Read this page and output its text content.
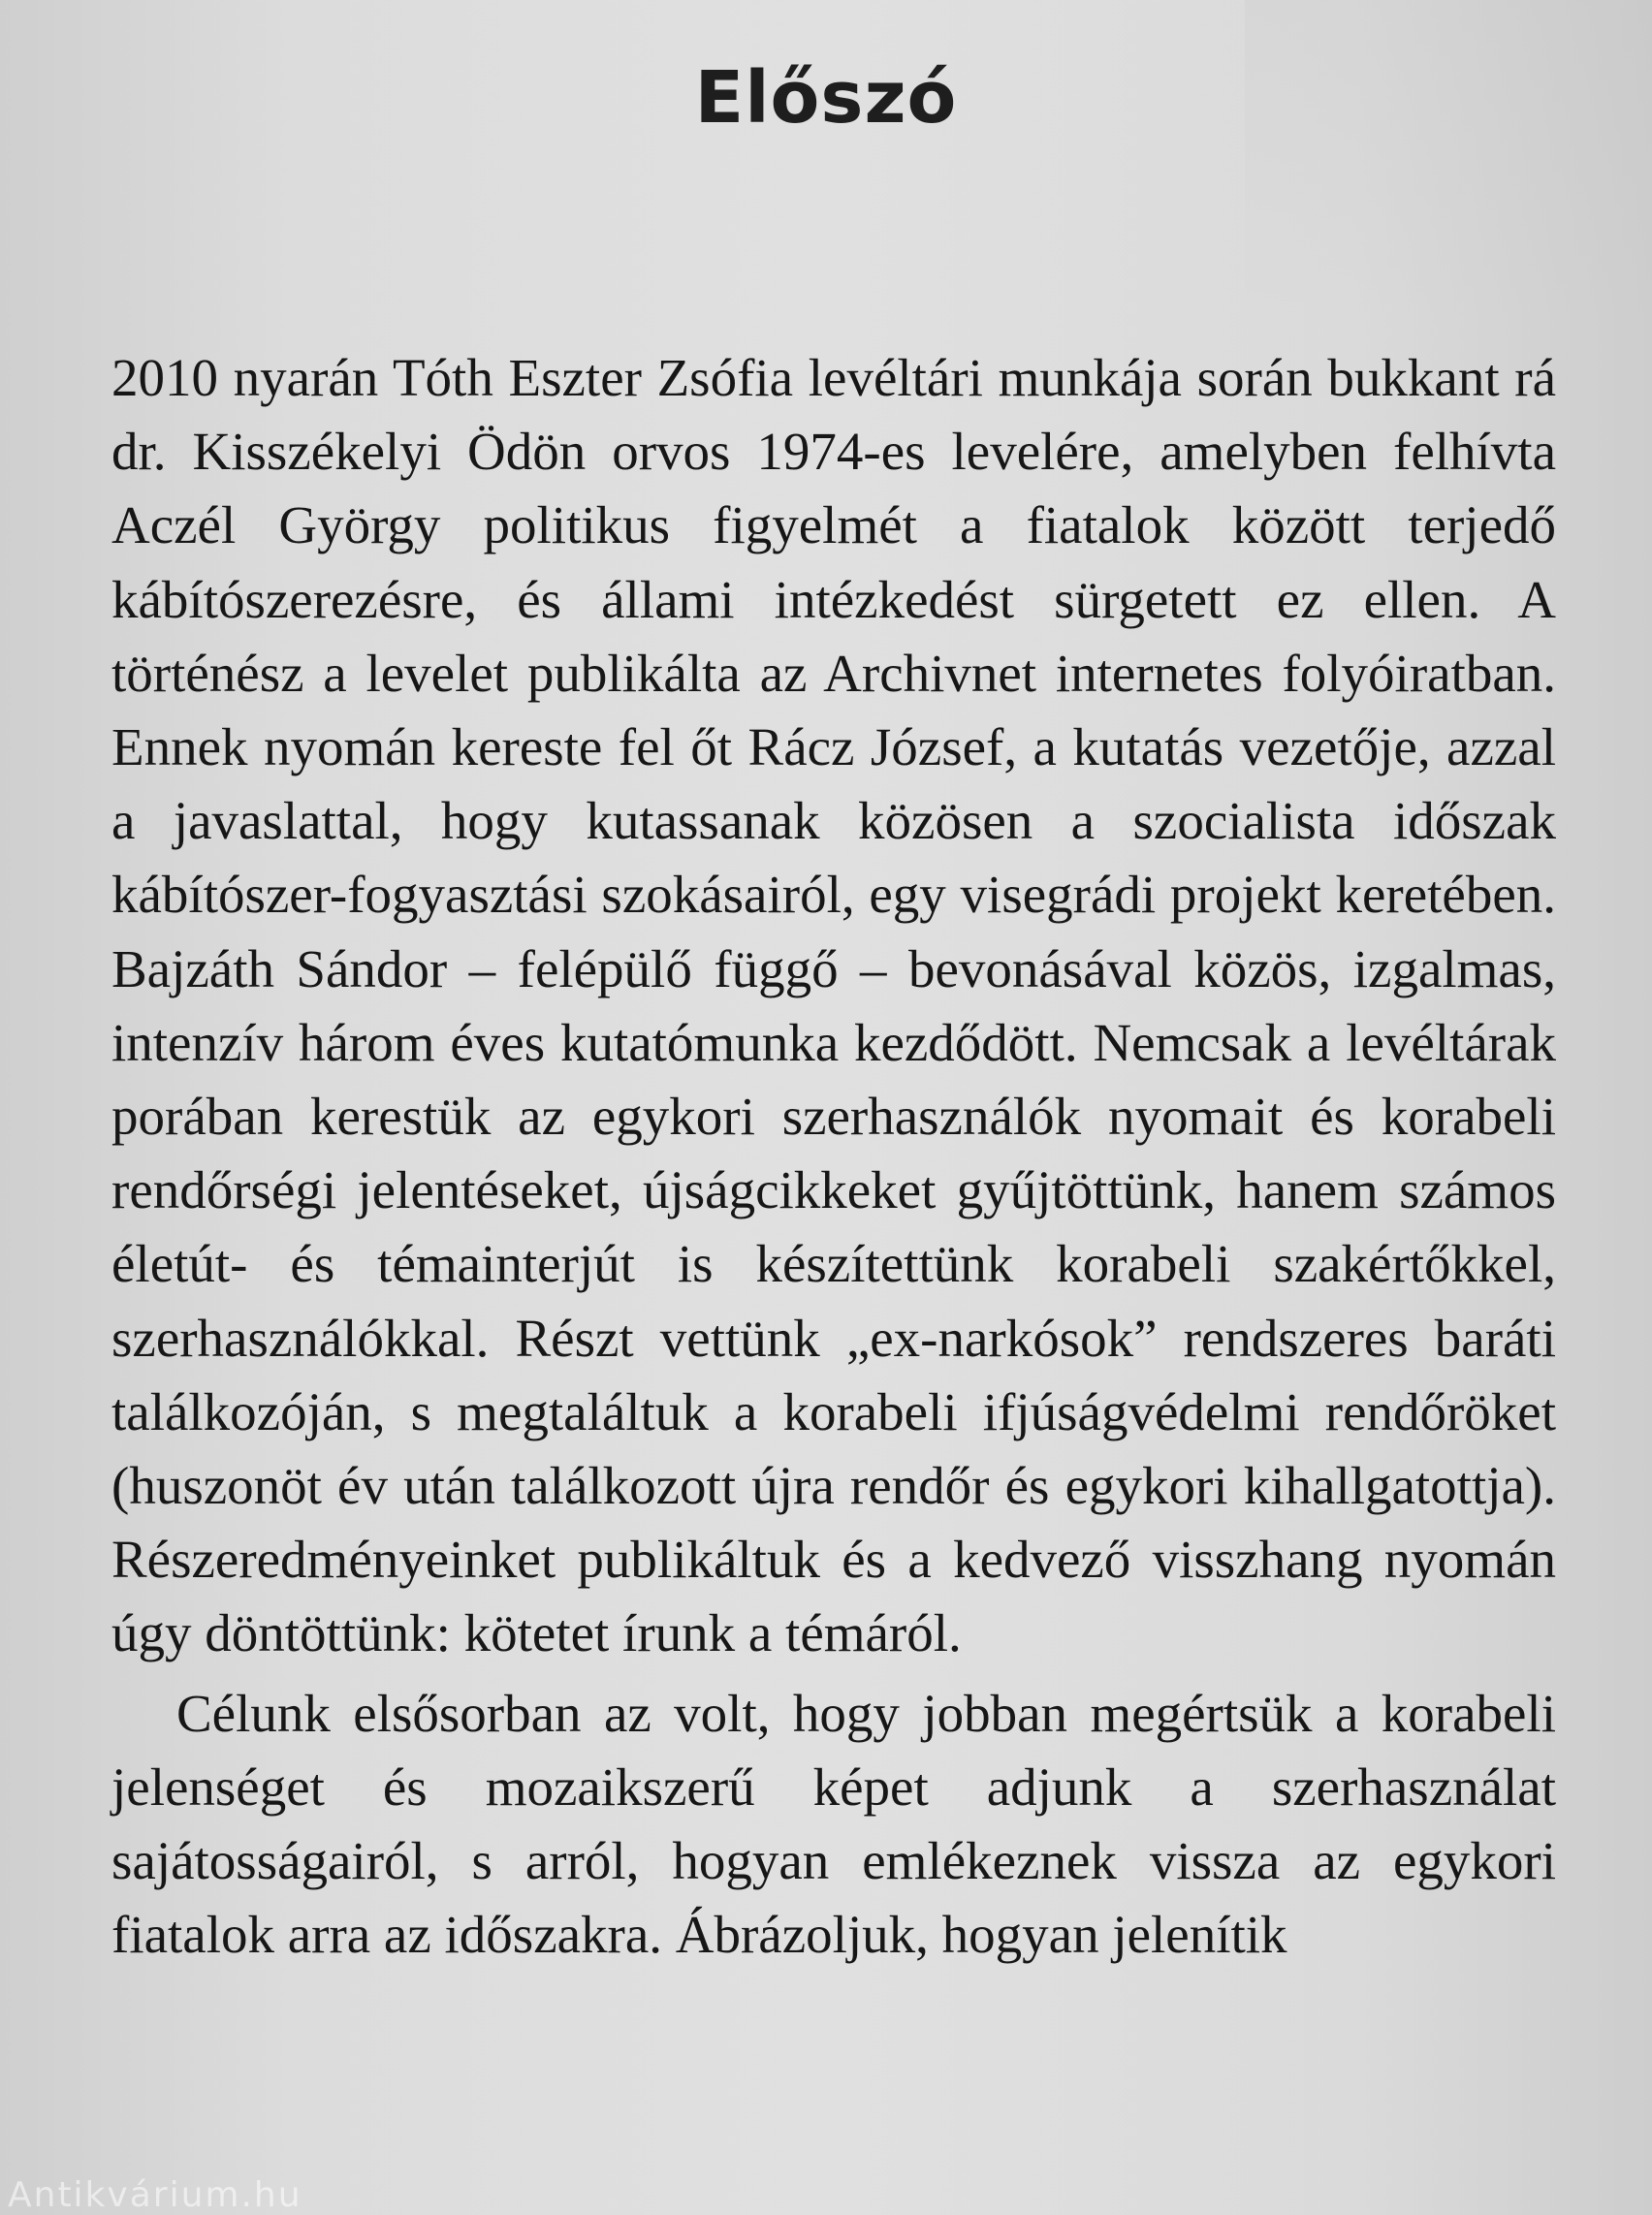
Előszó

2010 nyarán Tóth Eszter Zsófia levéltári munkája során bukkant rá dr. Kisszékelyi Ödön orvos 1974-es levelére, amelyben felhívta Aczél György politikus figyelmét a fiatalok között terjedő kábítószerezésre, és állami intézkedést sürgetett ez ellen. A történész a levelet publikálta az Archivnet internetes folyóiratban. Ennek nyomán kereste fel őt Rácz József, a kutatás vezetője, azzal a javaslattal, hogy kutassanak közösen a szocialista időszak kábítószer-fogyasztási szokásairól, egy visegrádi projekt keretében. Bajzáth Sándor – felépülő függő – bevonásával közös, izgalmas, intenzív három éves kutatómunka kezdődött. Nemcsak a levéltárak porában kerestük az egykori szerhasználók nyomait és korabeli rendőrségi jelentéseket, újságcikkeket gyűjtöttünk, hanem számos életút- és témainterjút is készítettünk korabeli szakértőkkel, szerhasználókkal. Részt vettünk „ex-narkósok” rendszeres baráti találkozóján, s megtaláltuk a korabeli ifjúságvédelmi rendőröket (huszonöt év után találkozott újra rendőr és egykori kihallgatottja). Részeredményeinket publikáltuk és a kedvező visszhang nyomán úgy döntöttünk: kötetet írunk a témáról.

Célunk elsősorban az volt, hogy jobban megértsük a korabeli jelenséget és mozaikszerű képet adjunk a szerhasználat sajátosságairól, s arról, hogyan emlékeznek vissza az egykori fiatalok arra az időszakra. Ábrázoljuk, hogyan jelenítik

Antikvárium.hu
